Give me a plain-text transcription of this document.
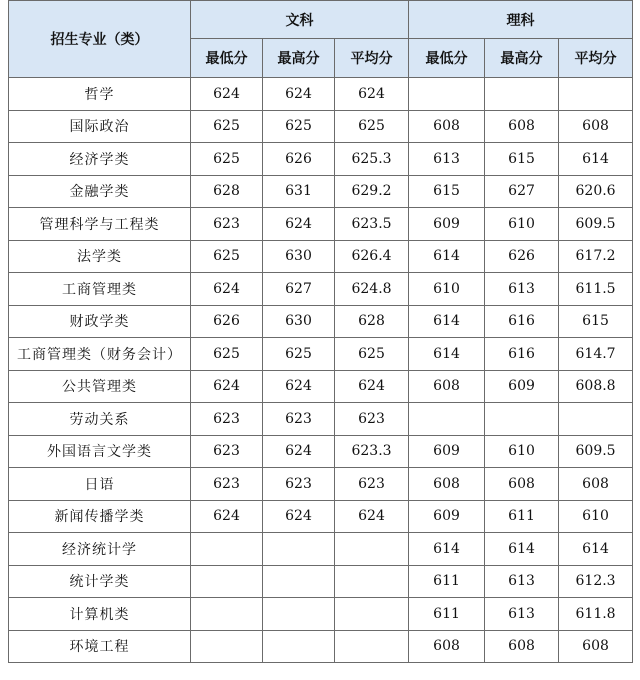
招生专业（类）	文科			理科		
	最低分	最高分	平均分	最低分	最高分	平均分
哲学	624	624	624			
国际政治	625	625	625	608	608	608
经济学类	625	626	625.3	613	615	614
金融学类	628	631	629.2	615	627	620.6
管理科学与工程类	623	624	623.5	609	610	609.5
法学类	625	630	626.4	614	626	617.2
工商管理类	624	627	624.8	610	613	611.5
财政学类	626	630	628	614	616	615
工商管理类（财务会计）	625	625	625	614	616	614.7
公共管理类	624	624	624	608	609	608.8
劳动关系	623	623	623			
外国语言文学类	623	624	623.3	609	610	609.5
日语	623	623	623	608	608	608
新闻传播学类	624	624	624	609	611	610
经济统计学				614	614	614
统计学类				611	613	612.3
计算机类				611	613	611.8
环境工程				608	608	608
